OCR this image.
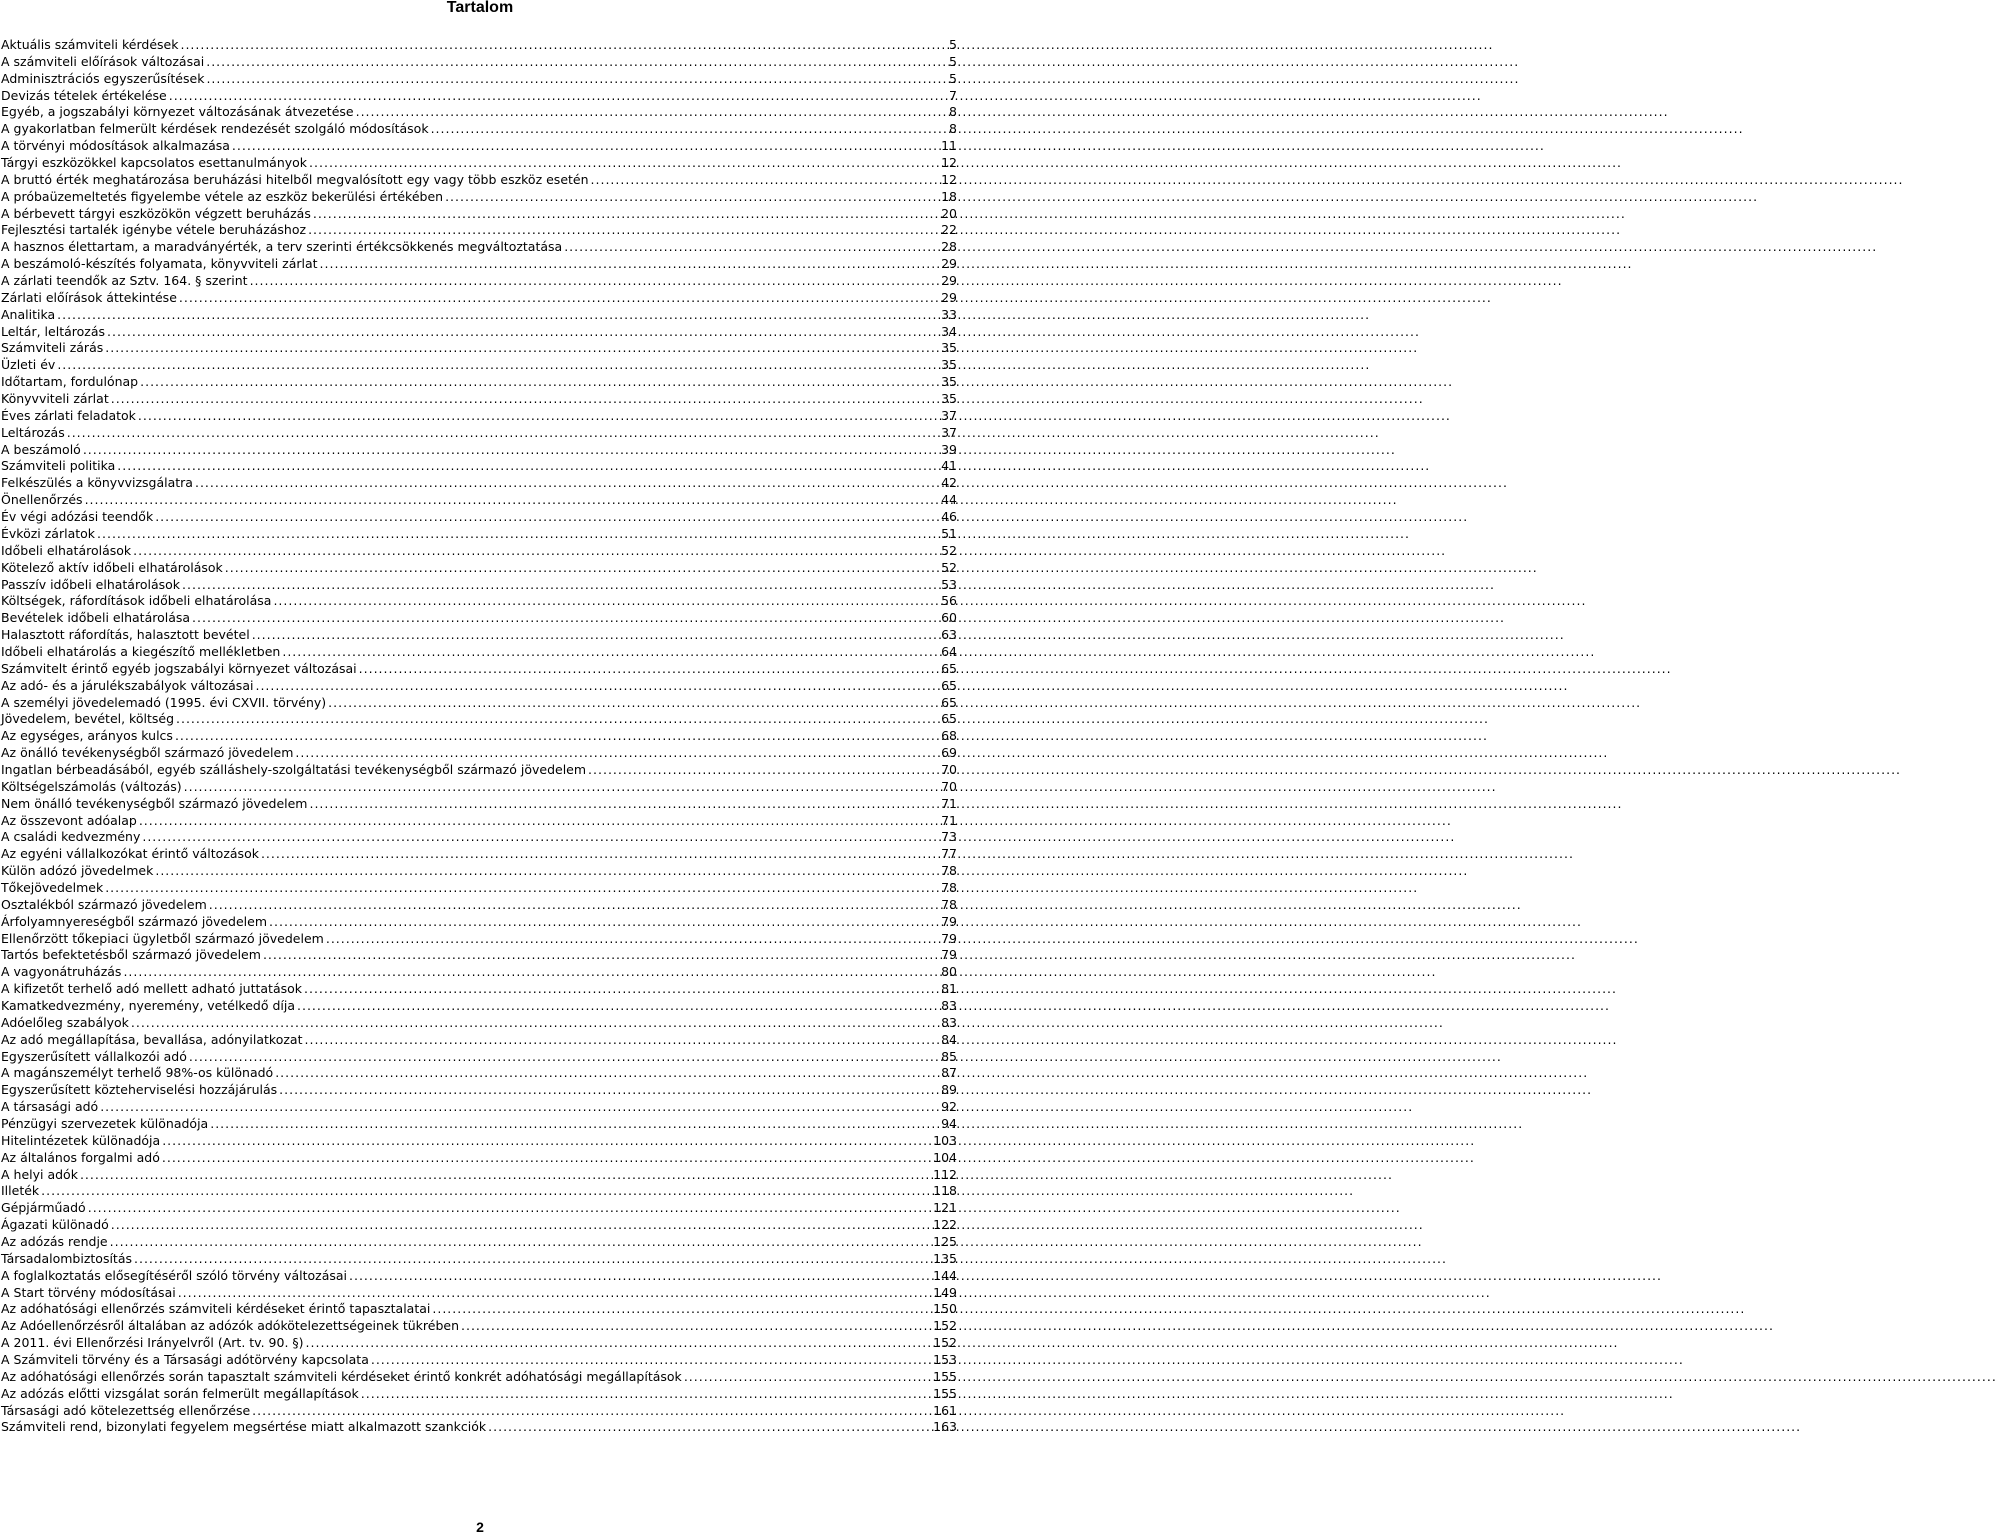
Tartalom
Aktuális számviteli kérdések .....	5
A számviteli előírások változásai .....	5
Adminisztrációs egyszerűsítések .....	5
Devizás tételek értékelése .....	7
Egyéb, a jogszabályi környezet változásának átvezetése .....	8
A gyakorlatban felmerült kérdések rendezését szolgáló módosítások .....	8
A törvényi módosítások alkalmazása .....	11
Tárgyi eszközökkel kapcsolatos esettanulmányok .....	12
A bruttó érték meghatározása beruházási hitelből megvalósított egy vagy több eszköz esetén .....	12
A próbaüzemeltetés figyelembe vétele az eszköz bekerülési értékében .....	18
A bérbevett tárgyi eszközökön végzett beruházás .....	20
Fejlesztési tartalék igénybe vétele beruházáshoz .....	22
A hasznos élettartam, a maradványérték, a terv szerinti értékcsökkenés megváltoztatása .....	28
A beszámoló-készítés folyamata, könyvviteli zárlat .....	29
A zárlati teendők az Sztv. 164. § szerint .....	29
Zárlati előírások áttekintése .....	29
Analitika .....	33
Leltár, leltározás .....	34
Számviteli zárás .....	35
Üzleti év .....	35
Időtartam, fordulónap .....	35
Könyvviteli zárlat .....	35
Éves zárlati feladatok .....	37
Leltározás .....	37
A beszámoló .....	39
Számviteli politika .....	41
Felkészülés a könyvvizsgálatra .....	42
Önellenőrzés .....	44
Év végi adózási teendők .....	46
Évközi zárlatok .....	51
Időbeli elhatárolások .....	52
Kötelező aktív időbeli elhatárolások .....	52
Passzív időbeli elhatárolások .....	53
Költségek, ráfordítások időbeli elhatárolása .....	56
Bevételek időbeli elhatárolása .....	60
Halasztott ráfordítás, halasztott bevétel .....	63
Időbeli elhatárolás a kiegészítő mellékletben .....	64
Számvitelt érintő egyéb jogszabályi környezet változásai .....	65
Az adó- és a járulékszabályok változásai .....	65
A személyi jövedelemadó (1995. évi CXVII. törvény) .....	65
Jövedelem, bevétel, költség .....	65
Az egységes, arányos kulcs .....	68
Az önálló tevékenységből származó jövedelem .....	69
Ingatlan bérbeadásából, egyéb szálláshely-szolgáltatási tevékenységből származó jövedelem .....	70
Költségelszámolás (változás) .....	70
Nem önálló tevékenységből származó jövedelem .....	71
Az összevont adóalap .....	71
A családi kedvezmény .....	73
Az egyéni vállalkozókat érintő változások .....	77
Külön adózó jövedelmek .....	78
Tőkejövedelmek .....	78
Osztalékból származó jövedelem .....	78
Árfolyamnyereségből származó jövedelem .....	79
Ellenőrzött tőkepiaci ügyletből származó jövedelem .....	79
Tartós befektetésből származó jövedelem .....	79
A vagyonátruházás .....	80
A kifizetőt terhelő adó mellett adható juttatások .....	81
Kamatkedvezmény, nyeremény, vetélkedő díja .....	83
Adóelőleg szabályok .....	83
Az adó megállapítása, bevallása, adónyilatkozat .....	84
Egyszerűsített vállalkozói adó .....	85
A magánszemélyt terhelő 98%-os különadó .....	87
Egyszerűsített közteherviselési hozzájárulás .....	89
A társasági adó .....	92
Pénzügyi szervezetek különadója .....	94
Hitelintézetek különadója .....	103
Az általános forgalmi adó .....	104
A helyi adók .....	112
Illeték .....	118
Gépjárműadó .....	121
Ágazati különadó .....	122
Az adózás rendje .....	125
Társadalombiztosítás .....	135
A foglalkoztatás elősegítéséről szóló törvény változásai .....	144
A Start törvény módosításai .....	149
Az adóhatósági ellenőrzés számviteli kérdéseket érintő tapasztalatai .....	150
Az Adóellenőrzésről általában az adózók adókötelezettségeinek tükrében .....	152
A 2011. évi Ellenőrzési Irányelvről (Art. tv. 90. §) .....	152
A Számviteli törvény és a Társasági adótörvény kapcsolata .....	153
Az adóhatósági ellenőrzés során tapasztalt számviteli kérdéseket érintő konkrét adóhatósági megállapítások .....	155
Az adózás előtti vizsgálat során felmerült megállapítások .....	155
Társasági adó kötelezettség ellenőrzése .....	161
Számviteli rend, bizonylati fegyelem megsértése miatt alkalmazott szankciók .....	163
2
